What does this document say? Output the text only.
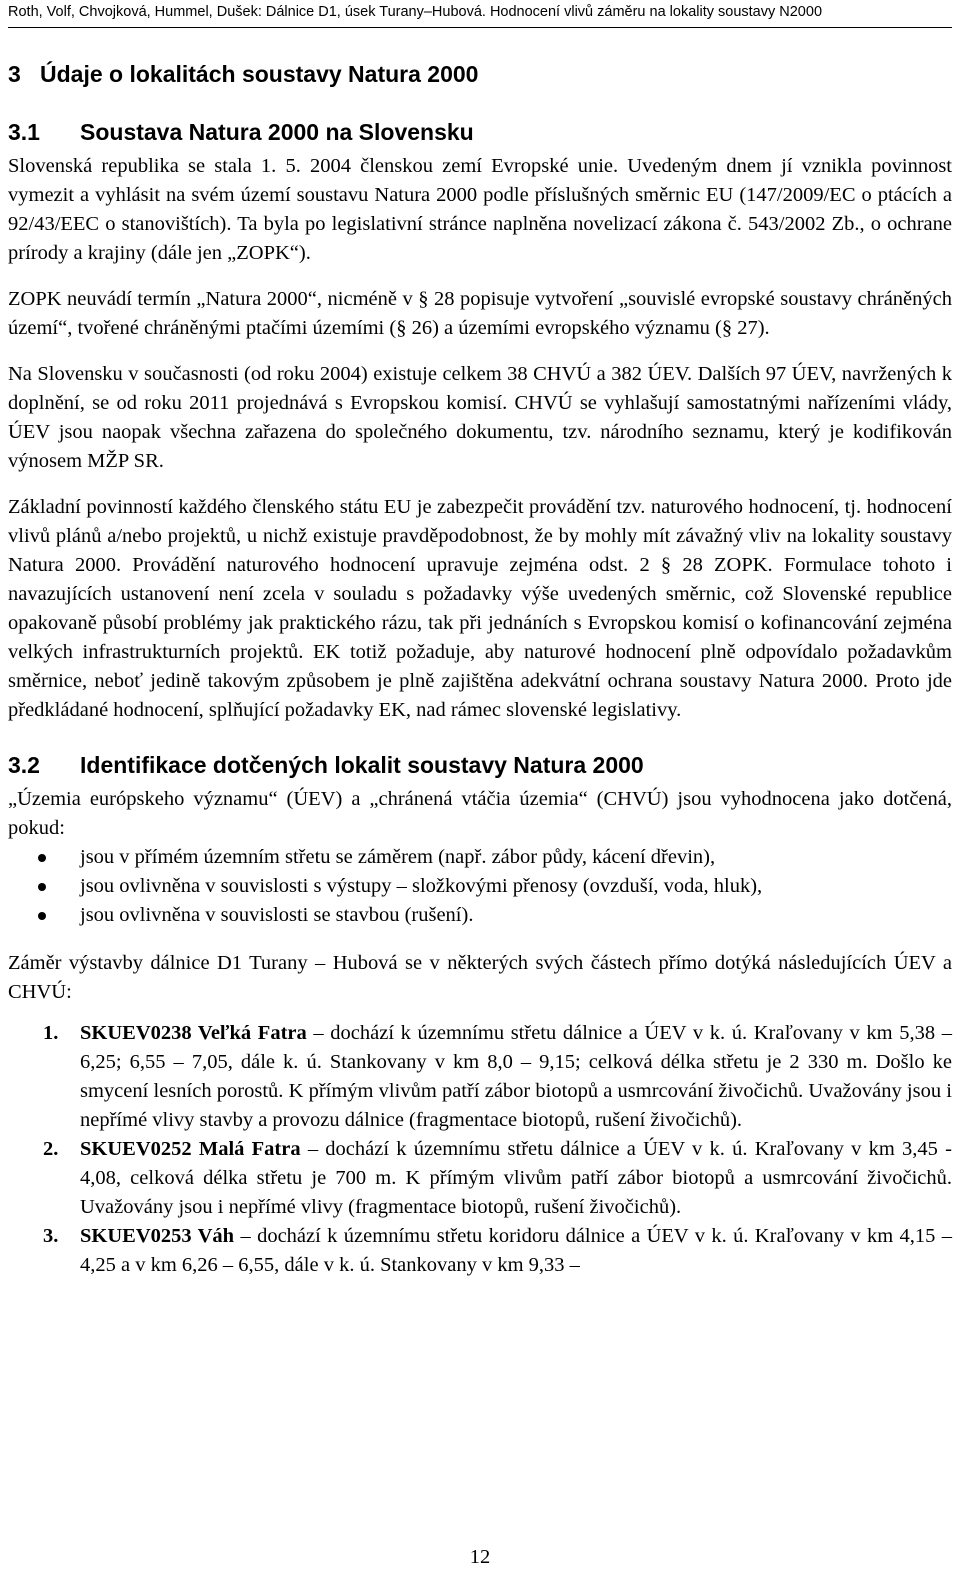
Roth, Volf, Chvojková, Hummel, Dušek: Dálnice D1, úsek Turany–Hubová. Hodnocení vlivů záměru na lokality soustavy N2000
3 Údaje o lokalitách soustavy Natura 2000
3.1	Soustava Natura 2000 na Slovensku

Slovenská republika se stala 1. 5. 2004 členskou zemí Evropské unie. Uvedeným dnem jí vznikla povinnost vymezit a vyhlásit na svém území soustavu Natura 2000 podle příslušných směrnic EU (147/2009/EC o ptácích a 92/43/EEC o stanovištích). Ta byla po legislativní stránce naplněna novelizací zákona č. 543/2002 Zb., o ochrane prírody a krajiny (dále jen „ZOPK“).

ZOPK neuvádí termín „Natura 2000“, nicméně v § 28 popisuje vytvoření „souvislé evropské soustavy chráněných území“, tvořené chráněnými ptačími územími (§ 26) a územími evropského významu (§ 27).

Na Slovensku v současnosti (od roku 2004) existuje celkem 38 CHVÚ a 382 ÚEV. Dalších 97 ÚEV, navržených k doplnění, se od roku 2011 projednává s Evropskou komisí. CHVÚ se vyhlašují samostatnými nařízeními vlády, ÚEV jsou naopak všechna zařazena do společného dokumentu, tzv. národního seznamu, který je kodifikován výnosem MŽP SR.

Základní povinností každého členského státu EU je zabezpečit provádění tzv. naturového hodnocení, tj. hodnocení vlivů plánů a/nebo projektů, u nichž existuje pravděpodobnost, že by mohly mít závažný vliv na lokality soustavy Natura 2000. Provádění naturového hodnocení upravuje zejména odst. 2 § 28 ZOPK. Formulace tohoto i navazujících ustanovení není zcela v souladu s požadavky výše uvedených směrnic, což Slovenské republice opakovaně působí problémy jak praktického rázu, tak při jednáních s Evropskou komisí o kofinancování zejména velkých infrastrukturních projektů. EK totiž požaduje, aby naturové hodnocení plně odpovídalo požadavkům směrnice, neboť jedině takovým způsobem je plně zajištěna adekvátní ochrana soustavy Natura 2000. Proto jde předkládané hodnocení, splňující požadavky EK, nad rámec slovenské legislativy.

3.2	Identifikace dotčených lokalit soustavy Natura 2000

„Územia európskeho významu“ (ÚEV) a „chránená vtáčia územia“ (CHVÚ) jsou vyhodnocena jako dotčená, pokud:

jsou v přímém územním střetu se záměrem (např. zábor půdy, kácení dřevin),
jsou ovlivněna v souvislosti s výstupy – složkovými přenosy (ovzduší, voda, hluk),
jsou ovlivněna v souvislosti se stavbou (rušení).

Záměr výstavby dálnice D1 Turany – Hubová se v některých svých částech přímo dotýká následujících ÚEV a CHVÚ:

1. SKUEV0238 Veľká Fatra – dochází k územnímu střetu dálnice a ÚEV v k. ú. Kraľovany v km 5,38 – 6,25; 6,55 – 7,05, dále k. ú. Stankovany v km 8,0 – 9,15; celková délka střetu je 2 330 m. Došlo ke smycení lesních porostů. K přímým vlivům patří zábor biotopů a usmrcování živočichů. Uvažovány jsou i nepřímé vlivy stavby a provozu dálnice (fragmentace biotopů, rušení živočichů).
2. SKUEV0252 Malá Fatra – dochází k územnímu střetu dálnice a ÚEV v k. ú. Kraľovany v km 3,45 - 4,08, celková délka střetu je 700 m. K přímým vlivům patří zábor biotopů a usmrcování živočichů. Uvažovány jsou i nepřímé vlivy (fragmentace biotopů, rušení živočichů).
3. SKUEV0253 Váh – dochází k územnímu střetu koridoru dálnice a ÚEV v k. ú. Kraľovany v km 4,15 – 4,25 a v km 6,26 – 6,55, dále v k. ú. Stankovany v km 9,33 –
12
